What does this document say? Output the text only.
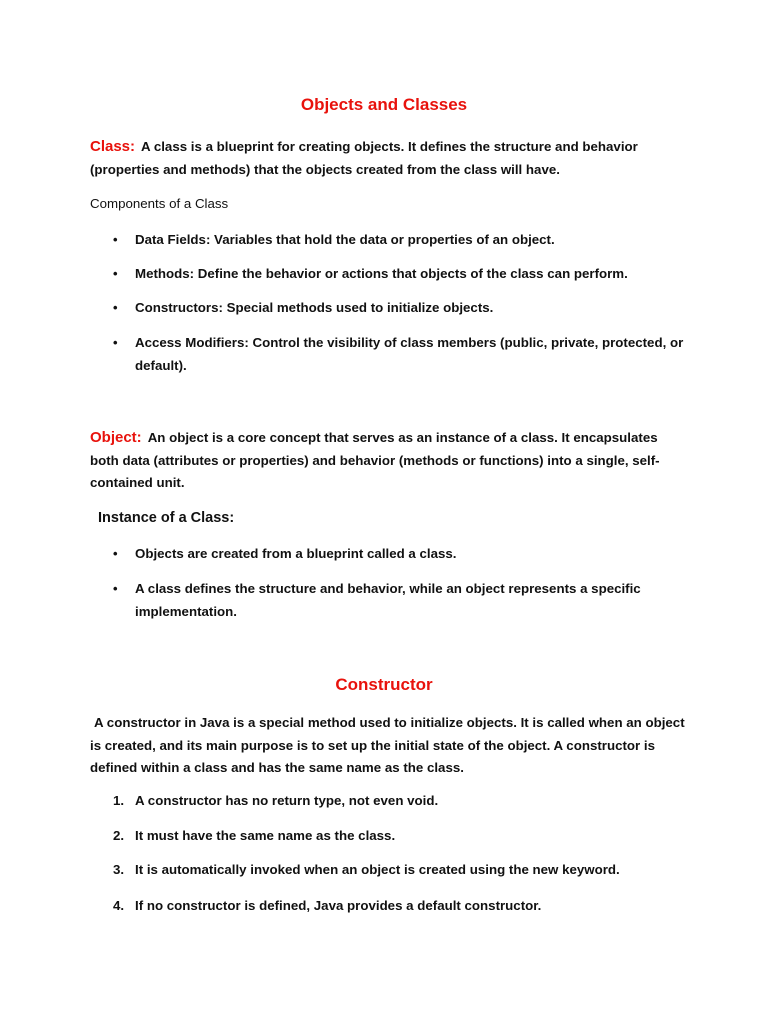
Objects and Classes
Class: A class is a blueprint for creating objects. It defines the structure and behavior (properties and methods) that the objects created from the class will have.
Components of a Class
• Data Fields: Variables that hold the data or properties of an object.
• Methods: Define the behavior or actions that objects of the class can perform.
• Constructors: Special methods used to initialize objects.
• Access Modifiers: Control the visibility of class members (public, private, protected, or default).
Object: An object is a core concept that serves as an instance of a class. It encapsulates both data (attributes or properties) and behavior (methods or functions) into a single, self-contained unit.
Instance of a Class:
• Objects are created from a blueprint called a class.
• A class defines the structure and behavior, while an object represents a specific implementation.
Constructor
A constructor in Java is a special method used to initialize objects. It is called when an object is created, and its main purpose is to set up the initial state of the object. A constructor is defined within a class and has the same name as the class.
1. A constructor has no return type, not even void.
2. It must have the same name as the class.
3. It is automatically invoked when an object is created using the new keyword.
4. If no constructor is defined, Java provides a default constructor.
